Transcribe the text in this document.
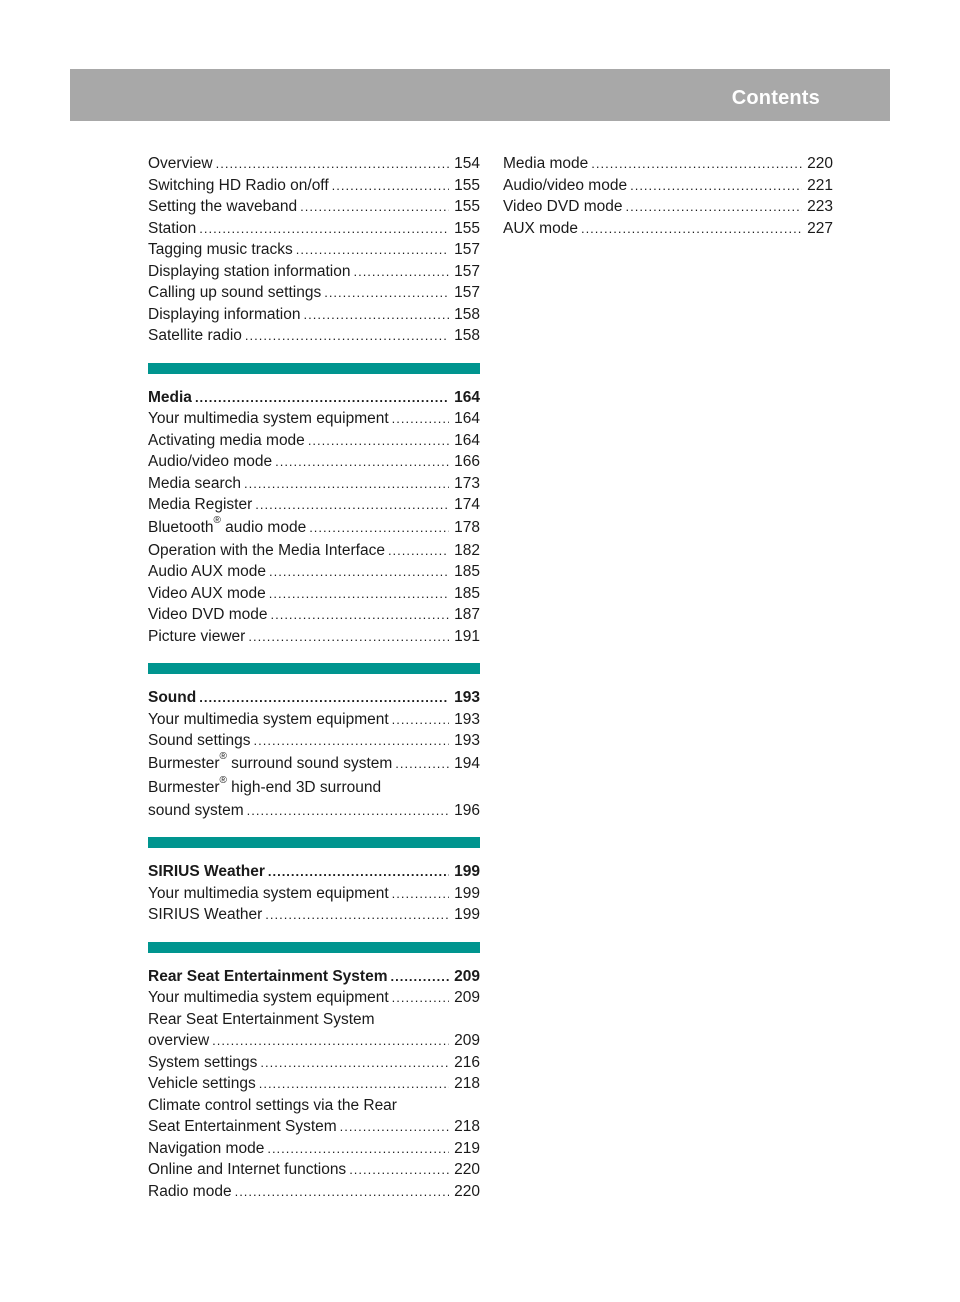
Contents	3
Overview .....	154
Switching HD Radio on/off .....	155
Setting the waveband .....	155
Station .....	155
Tagging music tracks .....	157
Displaying station information .....	157
Calling up sound settings .....	157
Displaying information .....	158
Satellite radio .....	158
Media .....	164
Your multimedia system equipment .....	164
Activating media mode .....	164
Audio/video mode .....	166
Media search .....	173
Media Register .....	174
Bluetooth® audio mode .....	178
Operation with the Media Interface .....	182
Audio AUX mode .....	185
Video AUX mode .....	185
Video DVD mode .....	187
Picture viewer .....	191
Sound .....	193
Your multimedia system equipment .....	193
Sound settings .....	193
Burmester® surround sound system .....	194
Burmester® high-end 3D surround
sound system .....	196
SIRIUS Weather .....	199
Your multimedia system equipment .....	199
SIRIUS Weather .....	199
Rear Seat Entertainment System .....	209
Your multimedia system equipment .....	209
Rear Seat Entertainment System
overview .....	209
System settings .....	216
Vehicle settings .....	218
Climate control settings via the Rear
Seat Entertainment System .....	218
Navigation mode .....	219
Online and Internet functions .....	220
Radio mode .....	220
Media mode .....	220
Audio/video mode .....	221
Video DVD mode .....	223
AUX mode .....	227
